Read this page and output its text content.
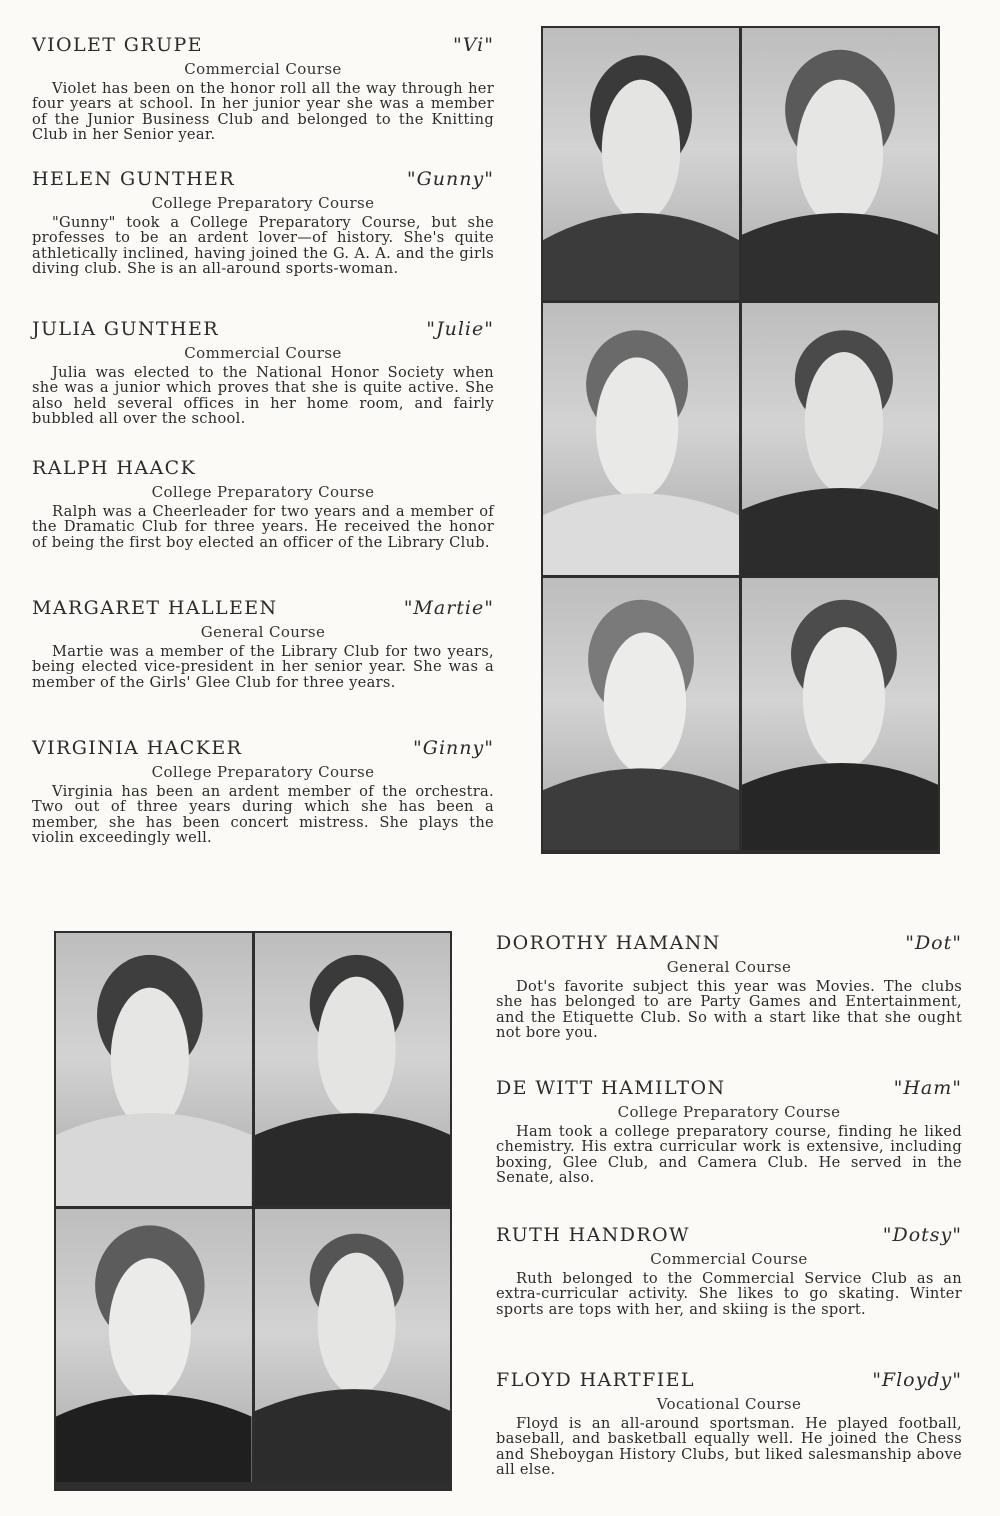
VIOLET GRUPE	"Vi"
Commercial Course
Violet has been on the honor roll all the way through her four years at school. In her junior year she was a member of the Junior Business Club and belonged to the Knitting Club in her Senior year.
HELEN GUNTHER	"Gunny"
College Preparatory Course
"Gunny" took a College Preparatory Course, but she professes to be an ardent lover—of history. She's quite athletically inclined, having joined the G. A. A. and the girls diving club. She is an all-around sports-woman.
JULIA GUNTHER	"Julie"
Commercial Course
Julia was elected to the National Honor Society when she was a junior which proves that she is quite active. She also held several offices in her home room, and fairly bubbled all over the school.
RALPH HAACK
College Preparatory Course
Ralph was a Cheerleader for two years and a member of the Dramatic Club for three years. He received the honor of being the first boy elected an officer of the Library Club.
MARGARET HALLEEN	"Martie"
General Course
Martie was a member of the Library Club for two years, being elected vice-president in her senior year. She was a member of the Girls' Glee Club for three years.
VIRGINIA HACKER	"Ginny"
College Preparatory Course
Virginia has been an ardent member of the orchestra. Two out of three years during which she has been a member, she has been concert mistress. She plays the violin exceedingly well.
DOROTHY HAMANN	"Dot"
General Course
Dot's favorite subject this year was Movies. The clubs she has belonged to are Party Games and Entertainment, and the Etiquette Club. So with a start like that she ought not bore you.
DE WITT HAMILTON	"Ham"
College Preparatory Course
Ham took a college preparatory course, finding he liked chemistry. His extra curricular work is extensive, including boxing, Glee Club, and Camera Club. He served in the Senate, also.
RUTH HANDROW	"Dotsy"
Commercial Course
Ruth belonged to the Commercial Service Club as an extra-curricular activity. She likes to go skating. Winter sports are tops with her, and skiing is the sport.
FLOYD HARTFIEL	"Floydy"
Vocational Course
Floyd is an all-around sportsman. He played football, baseball, and basketball equally well. He joined the Chess and Sheboygan History Clubs, but liked salesmanship above all else.
